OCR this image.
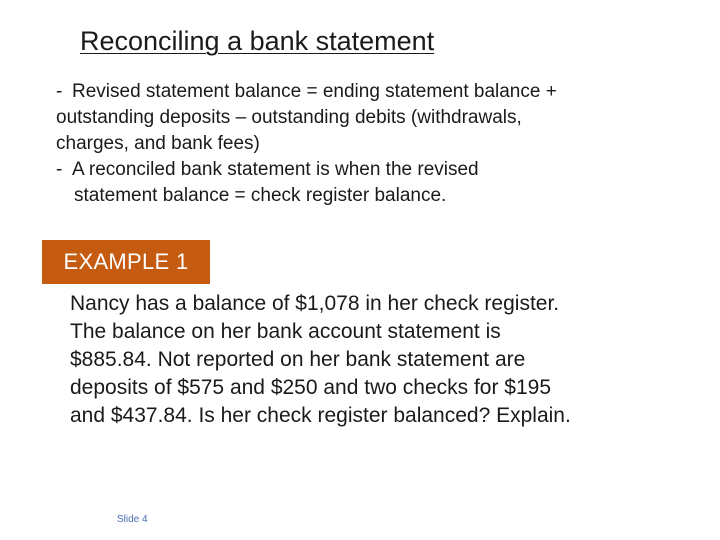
Reconciling a bank statement
- Revised statement balance = ending statement balance +
outstanding deposits – outstanding debits (withdrawals,
charges, and bank fees)
- A reconciled bank statement is when the revised
statement balance = check register balance.
EXAMPLE 1
Nancy has a balance of $1,078 in her check register.
The balance on her bank account statement is
$885.84. Not reported on her bank statement are
deposits of $575 and $250 and two checks for $195
and $437.84. Is her check register balanced? Explain.
Slide 4
